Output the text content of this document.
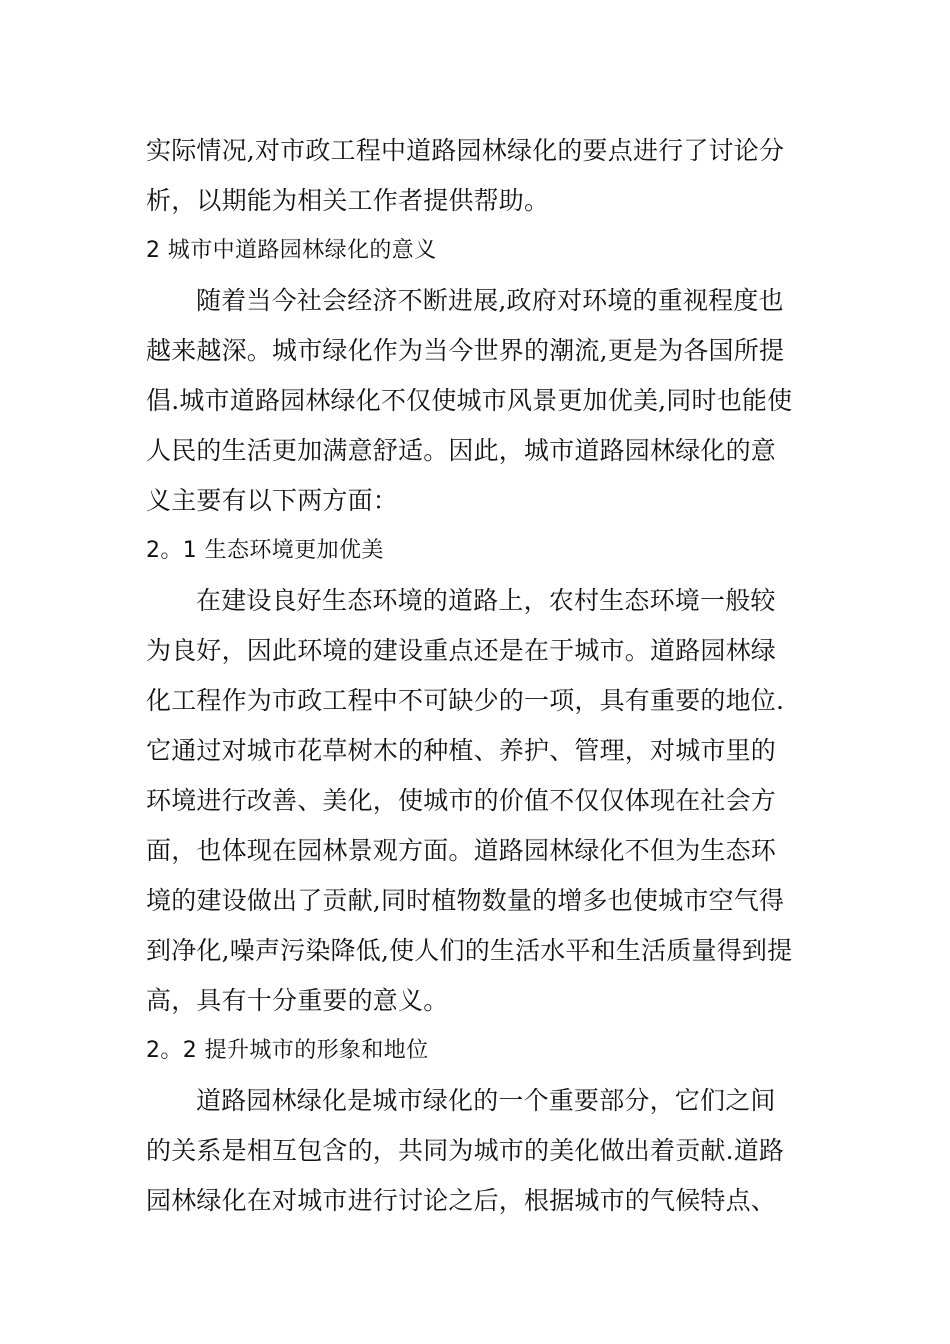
实际情况,对市政工程中道路园林绿化的要点进行了讨论分
析，以期能为相关工作者提供帮助。
2 城市中道路园林绿化的意义
随着当今社会经济不断进展,政府对环境的重视程度也
越来越深。城市绿化作为当今世界的潮流,更是为各国所提
倡.城市道路园林绿化不仅使城市风景更加优美,同时也能使
人民的生活更加满意舒适。因此，城市道路园林绿化的意
义主要有以下两方面：
2。1 生态环境更加优美
在建设良好生态环境的道路上，农村生态环境一般较
为良好，因此环境的建设重点还是在于城市。道路园林绿
化工程作为市政工程中不可缺少的一项，具有重要的地位.
它通过对城市花草树木的种植、养护、管理，对城市里的
环境进行改善、美化，使城市的价值不仅仅体现在社会方
面，也体现在园林景观方面。道路园林绿化不但为生态环
境的建设做出了贡献,同时植物数量的增多也使城市空气得
到净化,噪声污染降低,使人们的生活水平和生活质量得到提
高，具有十分重要的意义。
2。2 提升城市的形象和地位
道路园林绿化是城市绿化的一个重要部分，它们之间
的关系是相互包含的，共同为城市的美化做出着贡献.道路
园林绿化在对城市进行讨论之后，根据城市的气候特点、
